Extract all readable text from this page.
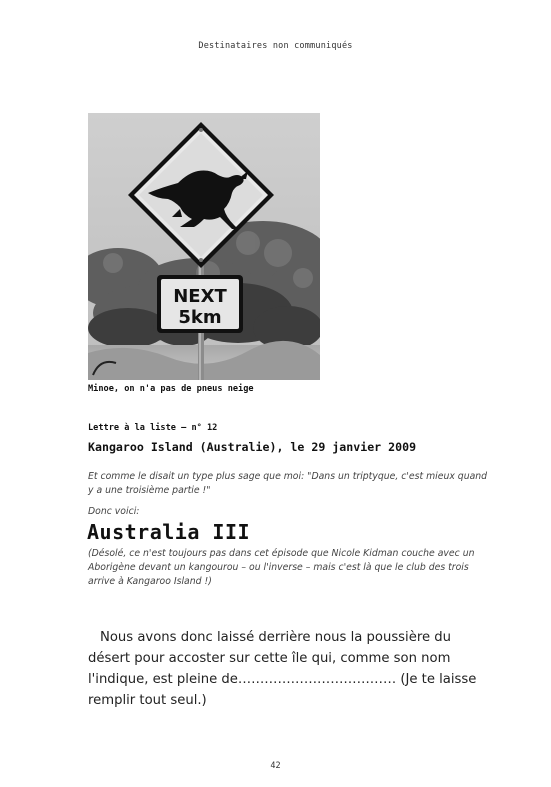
Destinataires non communiqués
NEXT
5km
Minoe, on n'a pas de pneus neige
Lettre à la liste – n° 12
Kangaroo Island (Australie), le 29 janvier 2009
Et comme le disait un type plus sage que moi: "Dans un triptyque, c'est mieux quand y a une troisième partie !"
Donc voici:
Australia III
(Désolé, ce n'est toujours pas dans cet épisode que Nicole Kidman couche avec un Aborigène devant un kangourou – ou l'inverse – mais c'est là que le club des trois arrive à Kangaroo Island !)
Nous avons donc laissé derrière nous la poussière du désert pour accoster sur cette île qui, comme son nom l'indique, est pleine de……………………………… (Je te laisse remplir tout seul.)
42
